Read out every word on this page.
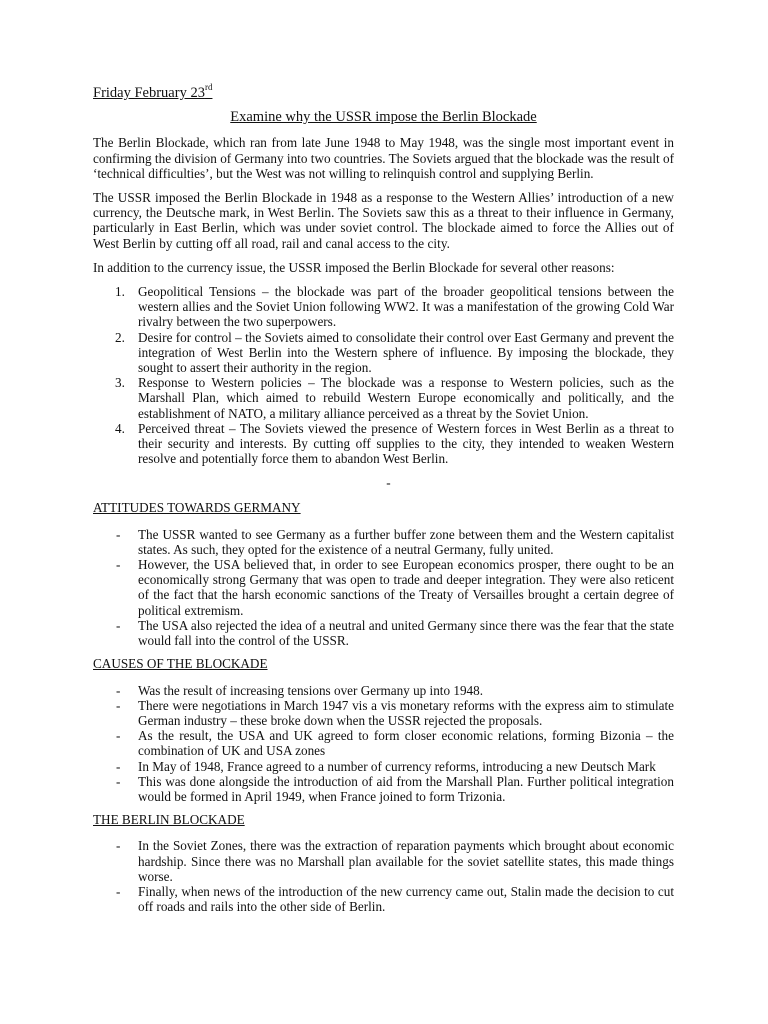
Friday February 23rd
Examine why the USSR impose the Berlin Blockade

The Berlin Blockade, which ran from late June 1948 to May 1948, was the single most important event in confirming the division of Germany into two countries. The Soviets argued that the blockade was the result of ‘technical difficulties’, but the West was not willing to relinquish control and supplying Berlin.

The USSR imposed the Berlin Blockade in 1948 as a response to the Western Allies’ introduction of a new currency, the Deutsche mark, in West Berlin. The Soviets saw this as a threat to their influence in Germany, particularly in East Berlin, which was under soviet control. The blockade aimed to force the Allies out of West Berlin by cutting off all road, rail and canal access to the city.

In addition to the currency issue, the USSR imposed the Berlin Blockade for several other reasons:

1. Geopolitical Tensions – the blockade was part of the broader geopolitical tensions between the western allies and the Soviet Union following WW2. It was a manifestation of the growing Cold War rivalry between the two superpowers.
2. Desire for control – the Soviets aimed to consolidate their control over East Germany and prevent the integration of West Berlin into the Western sphere of influence. By imposing the blockade, they sought to assert their authority in the region.
3. Response to Western policies – The blockade was a response to Western policies, such as the Marshall Plan, which aimed to rebuild Western Europe economically and politically, and the establishment of NATO, a military alliance perceived as a threat by the Soviet Union.
4. Perceived threat – The Soviets viewed the presence of Western forces in West Berlin as a threat to their security and interests. By cutting off supplies to the city, they intended to weaken Western resolve and potentially force them to abandon West Berlin.
-
ATTITUDES TOWARDS GERMANY
- The USSR wanted to see Germany as a further buffer zone between them and the Western capitalist states. As such, they opted for the existence of a neutral Germany, fully united.
- However, the USA believed that, in order to see European economics prosper, there ought to be an economically strong Germany that was open to trade and deeper integration. They were also reticent of the fact that the harsh economic sanctions of the Treaty of Versailles brought a certain degree of political extremism.
- The USA also rejected the idea of a neutral and united Germany since there was the fear that the state would fall into the control of the USSR.
CAUSES OF THE BLOCKADE
- Was the result of increasing tensions over Germany up into 1948.
- There were negotiations in March 1947 vis a vis monetary reforms with the express aim to stimulate German industry – these broke down when the USSR rejected the proposals.
- As the result, the USA and UK agreed to form closer economic relations, forming Bizonia – the combination of UK and USA zones
- In May of 1948, France agreed to a number of currency reforms, introducing a new Deutsch Mark
- This was done alongside the introduction of aid from the Marshall Plan. Further political integration would be formed in April 1949, when France joined to form Trizonia.
THE BERLIN BLOCKADE
- In the Soviet Zones, there was the extraction of reparation payments which brought about economic hardship. Since there was no Marshall plan available for the soviet satellite states, this made things worse.
- Finally, when news of the introduction of the new currency came out, Stalin made the decision to cut off roads and rails into the other side of Berlin.
